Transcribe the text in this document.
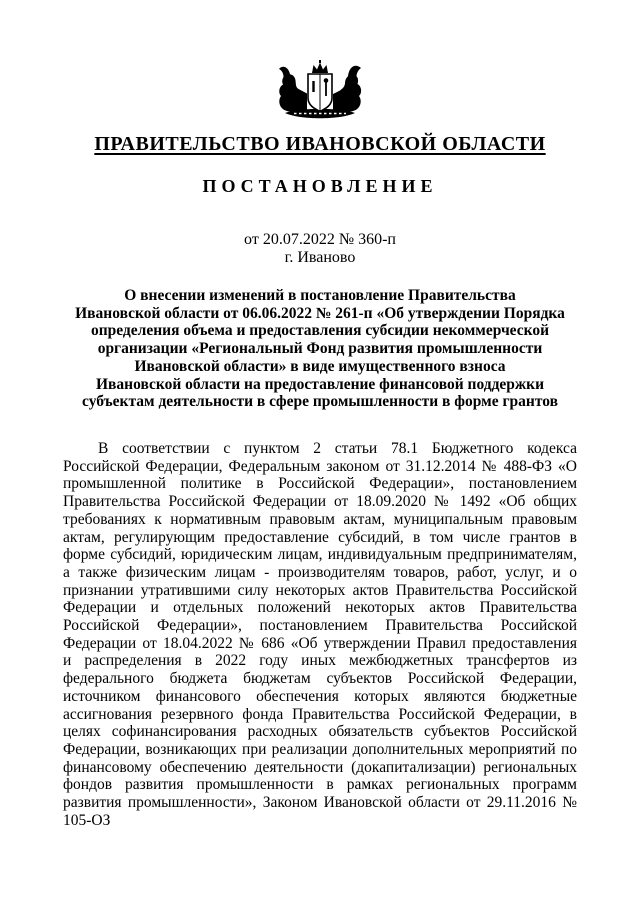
ПРАВИТЕЛЬСТВО ИВАНОВСКОЙ ОБЛАСТИ
ПОСТАНОВЛЕНИЕ
от 20.07.2022 № 360-п
г. Иваново
О внесении изменений в постановление Правительства
Ивановской области от 06.06.2022 № 261-п «Об утверждении Порядка
определения объема и предоставления субсидии некоммерческой
организации «Региональный Фонд развития промышленности
Ивановской области» в виде имущественного взноса
Ивановской области на предоставление финансовой поддержки
субъектам деятельности в сфере промышленности в форме грантов
В соответствии с пунктом 2 статьи 78.1 Бюджетного кодекса Российской Федерации, Федеральным законом от 31.12.2014 № 488-ФЗ «О промышленной политике в Российской Федерации», постановлением Правительства Российской Федерации от 18.09.2020 № 1492 «Об общих требованиях к нормативным правовым актам, муниципальным правовым актам, регулирующим предоставление субсидий, в том числе грантов в форме субсидий, юридическим лицам, индивидуальным предпринимателям, а также физическим лицам - производителям товаров, работ, услуг, и о признании утратившими силу некоторых актов Правительства Российской Федерации и отдельных положений некоторых актов Правительства Российской Федерации», постановлением Правительства Российской Федерации от 18.04.2022 № 686 «Об утверждении Правил предоставления и распределения в 2022 году иных межбюджетных трансфертов из федерального бюджета бюджетам субъектов Российской Федерации, источником финансового обеспечения которых являются бюджетные ассигнования резервного фонда Правительства Российской Федерации, в целях софинансирования расходных обязательств субъектов Российской Федерации, возникающих при реализации дополнительных мероприятий по финансовому обеспечению деятельности (докапитализации) региональных фондов развития промышленности в рамках региональных программ развития промышленности», Законом Ивановской области от 29.11.2016 № 105-ОЗ
